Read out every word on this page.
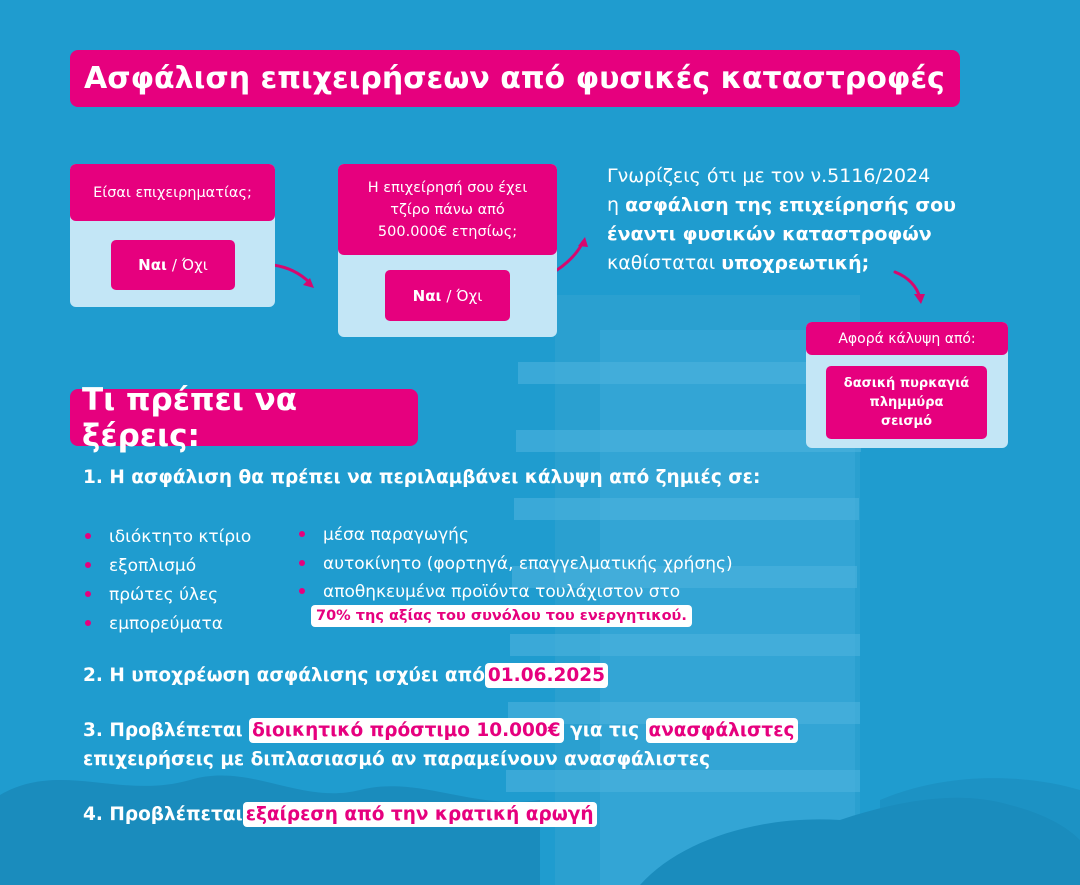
Ασφάλιση επιχειρήσεων από φυσικές καταστροφές
Είσαι επιχειρηματίας;
Ναι / Όχι
Η επιχείρησή σου έχει τζίρο πάνω από 500.000€ ετησίως;
Ναι / Όχι
Γνωρίζεις ότι με τον ν.5116/2024
η ασφάλιση της επιχείρησής σου έναντι φυσικών καταστροφών καθίσταται υποχρεωτική;
Αφορά κάλυψη από:
δασική πυρκαγιά
πλημμύρα
σεισμό
Τι πρέπει να ξέρεις:
1. Η ασφάλιση θα πρέπει να περιλαμβάνει κάλυψη από ζημιές σε:
ιδιόκτητο κτίριο
εξοπλισμό
πρώτες ύλες
εμπορεύματα
μέσα παραγωγής
αυτοκίνητο (φορτηγά, επαγγελματικής χρήσης)
αποθηκευμένα προϊόντα τουλάχιστον στο
70% της αξίας του συνόλου του ενεργητικού.
2. Η υποχρέωση ασφάλισης ισχύει από 01.06.2025
3. Προβλέπεται διοικητικό πρόστιμο 10.000€ για τις ανασφάλιστες
επιχειρήσεις με διπλασιασμό αν παραμείνουν ανασφάλιστες
4. Προβλέπεται εξαίρεση από την κρατική αρωγή
